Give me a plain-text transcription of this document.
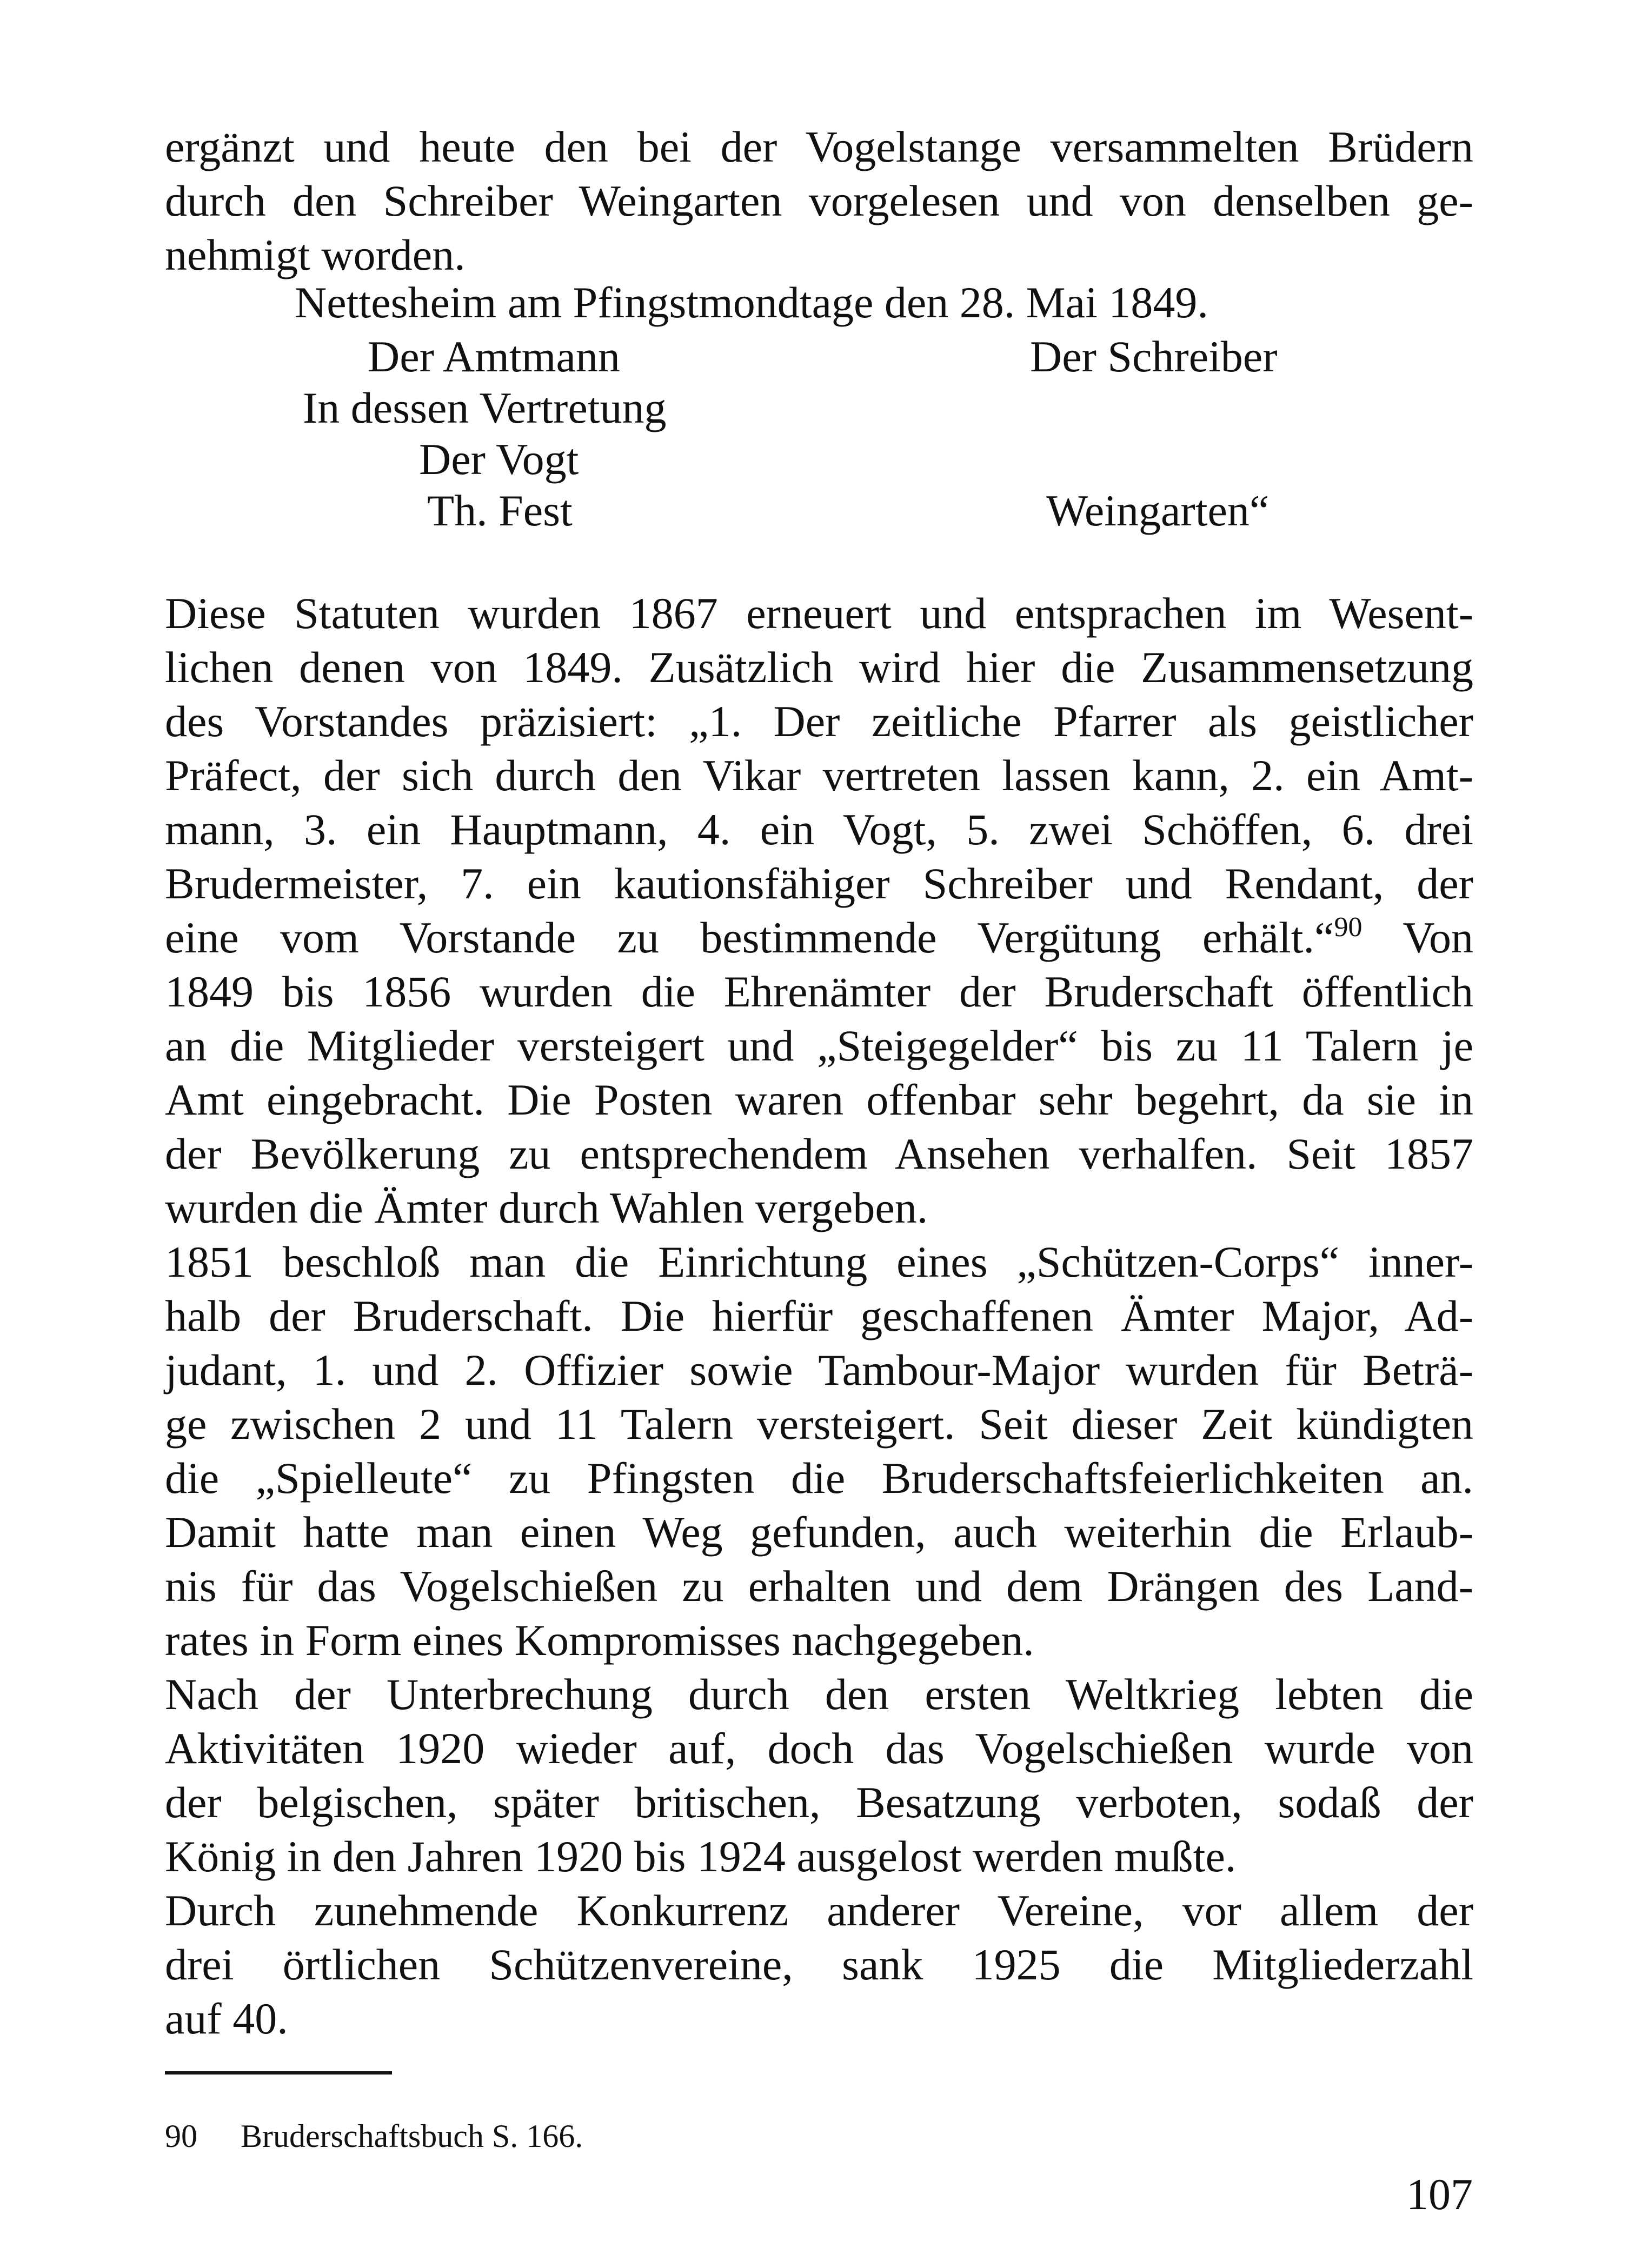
ergänzt und heute den bei der Vogelstange versammelten Brüdern
durch den Schreiber Weingarten vorgelesen und von denselben ge-
nehmigt worden.
Nettesheim am Pfingstmondtage den 28. Mai 1849.
Der Amtmann	Der Schreiber
In dessen Vertretung
Der Vogt
Th. Fest	Weingarten“
Diese Statuten wurden 1867 erneuert und entsprachen im Wesent-
lichen denen von 1849. Zusätzlich wird hier die Zusammensetzung
des Vorstandes präzisiert: „1. Der zeitliche Pfarrer als geistlicher
Präfect, der sich durch den Vikar vertreten lassen kann, 2. ein Amt-
mann, 3. ein Hauptmann, 4. ein Vogt, 5. zwei Schöffen, 6. drei
Brudermeister, 7. ein kautionsfähiger Schreiber und Rendant, der
eine vom Vorstande zu bestimmende Vergütung erhält.“$^{90}$ Von
1849 bis 1856 wurden die Ehrenämter der Bruderschaft öffentlich
an die Mitglieder versteigert und „Steigegelder“ bis zu 11 Talern je
Amt eingebracht. Die Posten waren offenbar sehr begehrt, da sie in
der Bevölkerung zu entsprechendem Ansehen verhalfen. Seit 1857
wurden die Ämter durch Wahlen vergeben.
1851 beschloß man die Einrichtung eines „Schützen-Corps“ inner-
halb der Bruderschaft. Die hierfür geschaffenen Ämter Major, Ad-
judant, 1. und 2. Offizier sowie Tambour-Major wurden für Beträ-
ge zwischen 2 und 11 Talern versteigert. Seit dieser Zeit kündigten
die „Spielleute“ zu Pfingsten die Bruderschaftsfeierlichkeiten an.
Damit hatte man einen Weg gefunden, auch weiterhin die Erlaub-
nis für das Vogelschießen zu erhalten und dem Drängen des Land-
rates in Form eines Kompromisses nachgegeben.
Nach der Unterbrechung durch den ersten Weltkrieg lebten die
Aktivitäten 1920 wieder auf, doch das Vogelschießen wurde von
der belgischen, später britischen, Besatzung verboten, sodaß der
König in den Jahren 1920 bis 1924 ausgelost werden mußte.
Durch zunehmende Konkurrenz anderer Vereine, vor allem der
drei örtlichen Schützenvereine, sank 1925 die Mitgliederzahl
auf 40.
90 Bruderschaftsbuch S. 166.
107
